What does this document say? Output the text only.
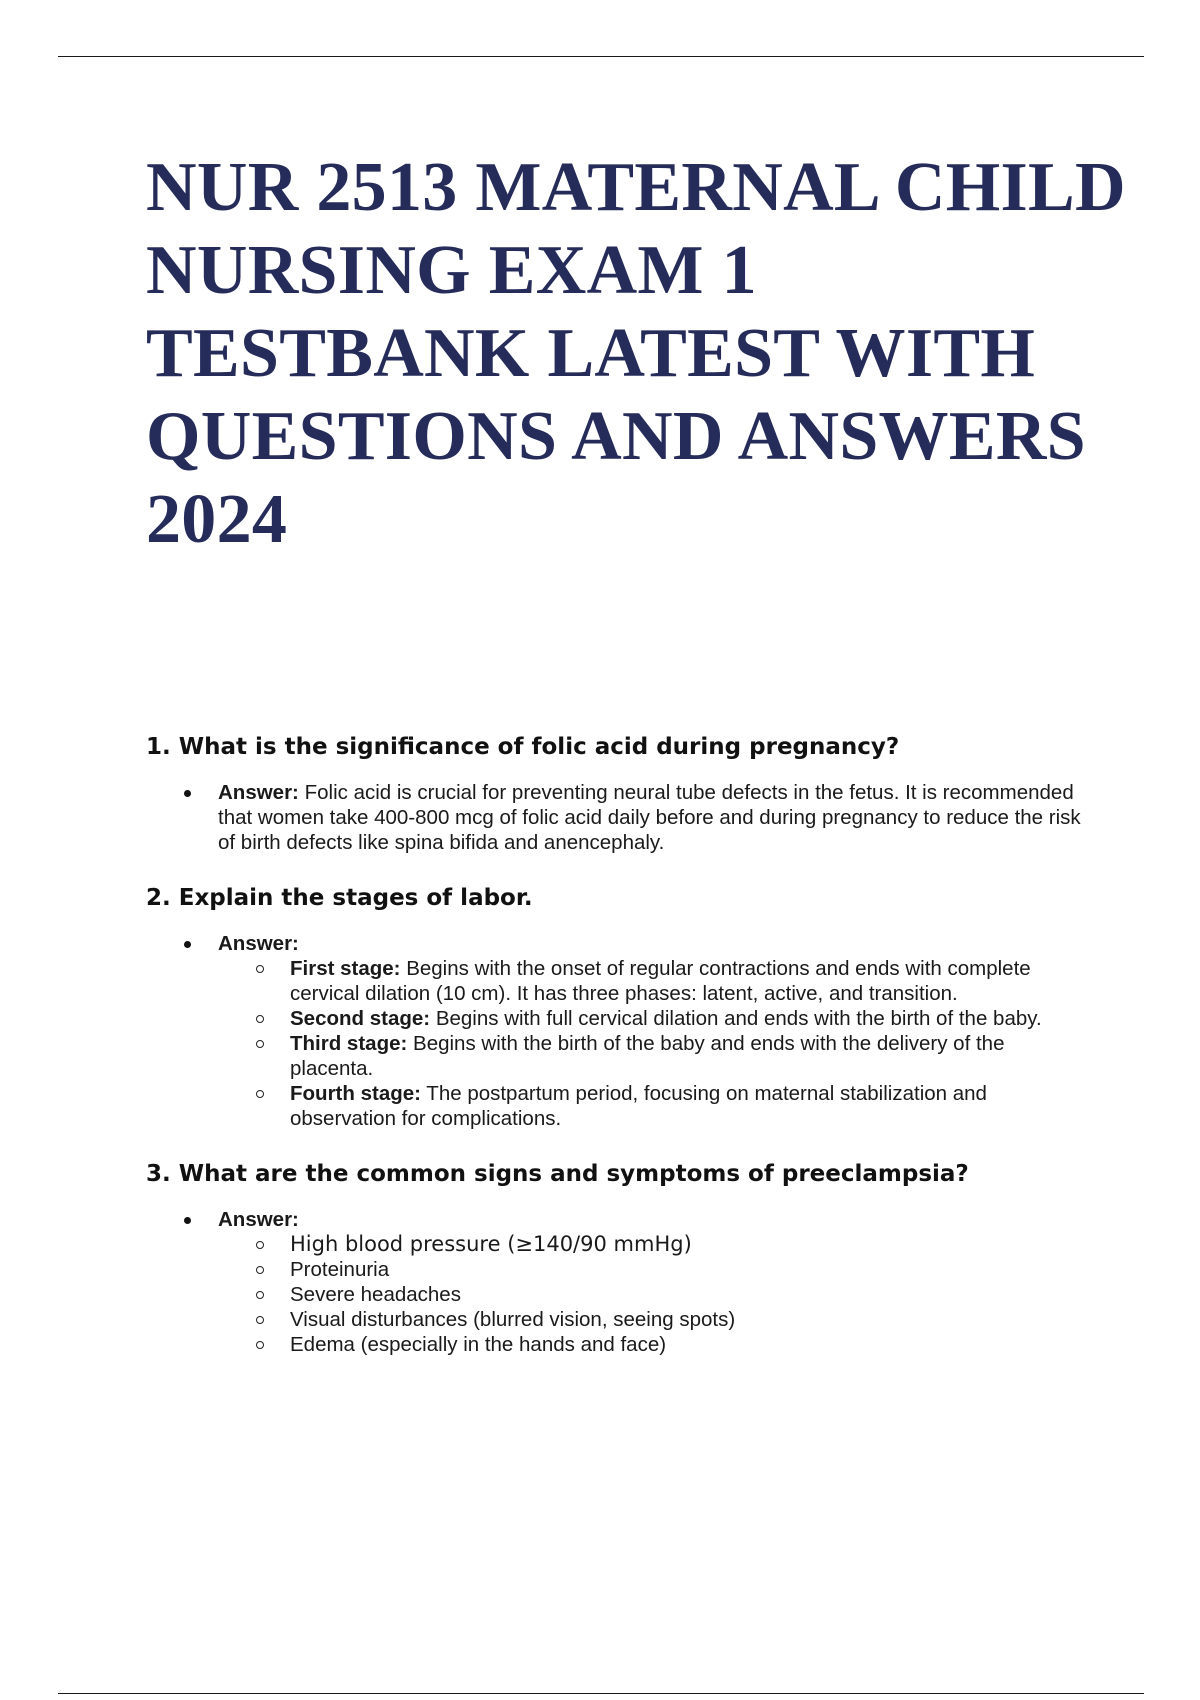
NUR 2513 MATERNAL CHILD NURSING EXAM 1 TESTBANK LATEST WITH QUESTIONS AND ANSWERS 2024
1. What is the significance of folic acid during pregnancy?
Answer: Folic acid is crucial for preventing neural tube defects in the fetus. It is recommended that women take 400-800 mcg of folic acid daily before and during pregnancy to reduce the risk of birth defects like spina bifida and anencephaly.
2. Explain the stages of labor.
Answer:
First stage: Begins with the onset of regular contractions and ends with complete cervical dilation (10 cm). It has three phases: latent, active, and transition.
Second stage: Begins with full cervical dilation and ends with the birth of the baby.
Third stage: Begins with the birth of the baby and ends with the delivery of the placenta.
Fourth stage: The postpartum period, focusing on maternal stabilization and observation for complications.
3. What are the common signs and symptoms of preeclampsia?
Answer:
High blood pressure (≥140/90 mmHg)
Proteinuria
Severe headaches
Visual disturbances (blurred vision, seeing spots)
Edema (especially in the hands and face)
